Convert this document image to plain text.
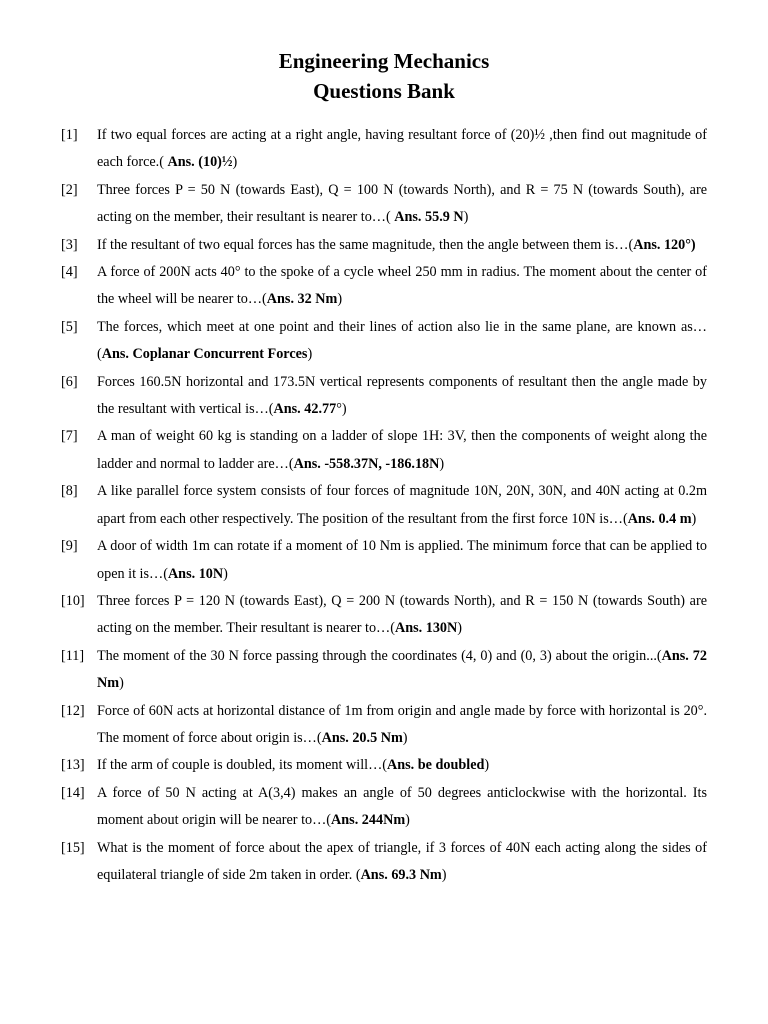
Engineering Mechanics
Questions Bank
[1]	If two equal forces are acting at a right angle, having resultant force of (20)½ ,then find out magnitude of each force.( Ans. (10)½)
[2]	Three forces P = 50 N (towards East), Q = 100 N (towards North), and R = 75 N (towards South), are acting on the member, their resultant is nearer to…( Ans. 55.9 N)
[3]	If the resultant of two equal forces has the same magnitude, then the angle between them is…(Ans. 120°)
[4]	A force of 200N acts 40° to the spoke of a cycle wheel 250 mm in radius. The moment about the center of the wheel will be nearer to…(Ans. 32 Nm)
[5]	The forces, which meet at one point and their lines of action also lie in the same plane, are known as…(Ans. Coplanar Concurrent Forces)
[6]	Forces 160.5N horizontal and 173.5N vertical represents components of resultant then the angle made by the resultant with vertical is…(Ans. 42.77°)
[7]	A man of weight 60 kg is standing on a ladder of slope 1H: 3V, then the components of weight along the ladder and normal to ladder are…(Ans. -558.37N, -186.18N)
[8]	A like parallel force system consists of four forces of magnitude 10N, 20N, 30N, and 40N acting at 0.2m apart from each other respectively. The position of the resultant from the first force 10N is…(Ans. 0.4 m)
[9]	A door of width 1m can rotate if a moment of 10 Nm is applied. The minimum force that can be applied to open it is…(Ans. 10N)
[10] Three forces P = 120 N (towards East), Q = 200 N (towards North), and R = 150 N (towards South) are acting on the member. Their resultant is nearer to…(Ans. 130N)
[11] The moment of the 30 N force passing through the coordinates (4, 0) and (0, 3) about the origin...(Ans. 72 Nm)
[12] Force of 60N acts at horizontal distance of 1m from origin and angle made by force with horizontal is 20°. The moment of force about origin is…(Ans. 20.5 Nm)
[13] If the arm of couple is doubled, its moment will…(Ans. be doubled)
[14] A force of 50 N acting at A(3,4) makes an angle of 50 degrees anticlockwise with the horizontal. Its moment about origin will be nearer to…(Ans. 244Nm)
[15] What is the moment of force about the apex of triangle, if 3 forces of 40N each acting along the sides of equilateral triangle of side 2m taken in order. (Ans. 69.3 Nm)
